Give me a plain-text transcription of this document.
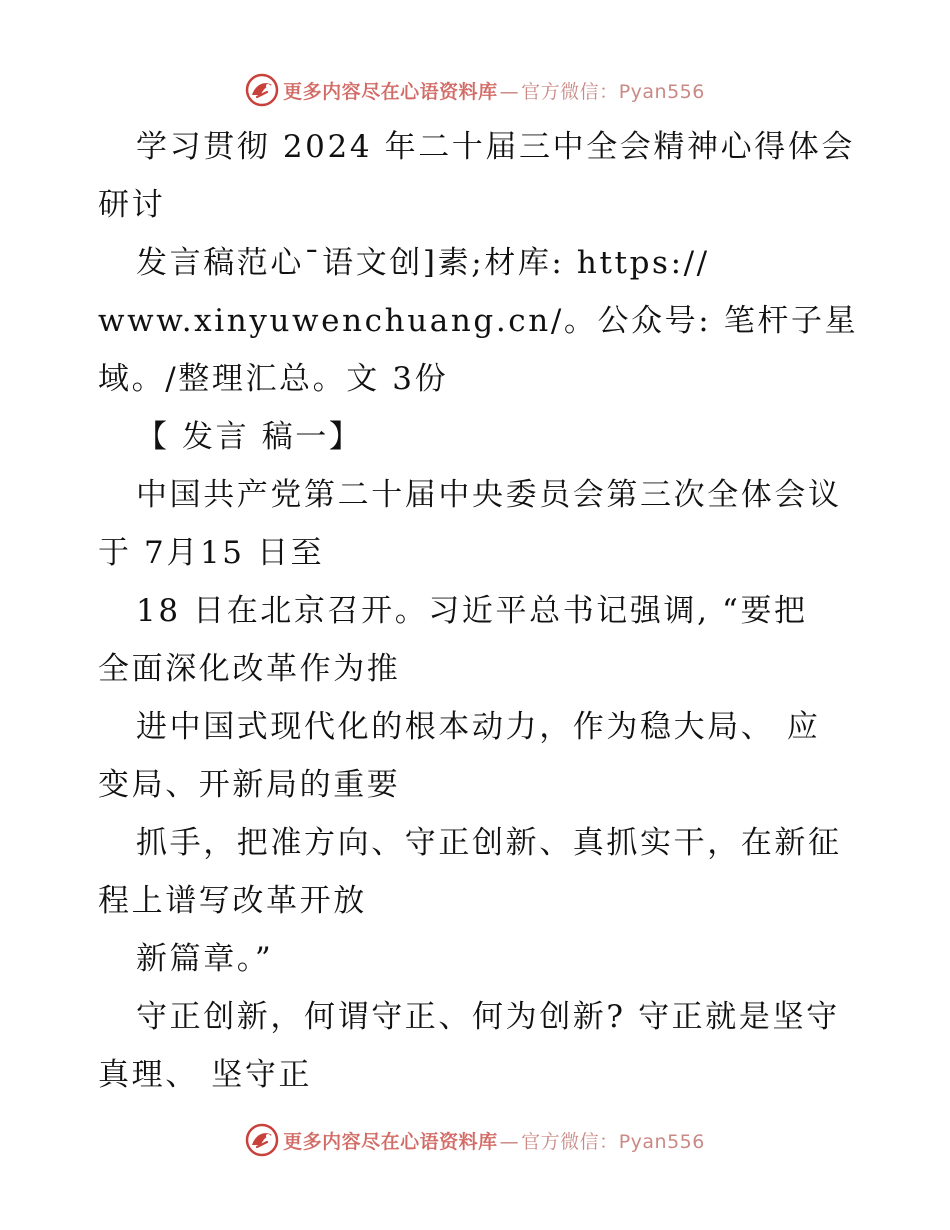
更多内容尽在心语资料库 — 官方微信：Pyan556
学习贯彻 2024 年二十届三中全会精神心得体会
研讨
发言稿范心¯语文创]素;材库: https://
www.xinyuwenchuang.cn/。公众号: 笔杆子星
域。/整理汇总。文 3份
【 发言 稿一】
中国共产党第二十届中央委员会第三次全体会议
于 7月15 日至
18 日在北京召开。习近平总书记强调, “要把
全面深化改革作为推
进中国式现代化的根本动力，作为稳大局、 应
变局、开新局的重要
抓手，把准方向、守正创新、真抓实干，在新征
程上谱写改革开放
新篇章。”
守正创新，何谓守正、何为创新? 守正就是坚守
真理、 坚守正
更多内容尽在心语资料库 — 官方微信：Pyan556
